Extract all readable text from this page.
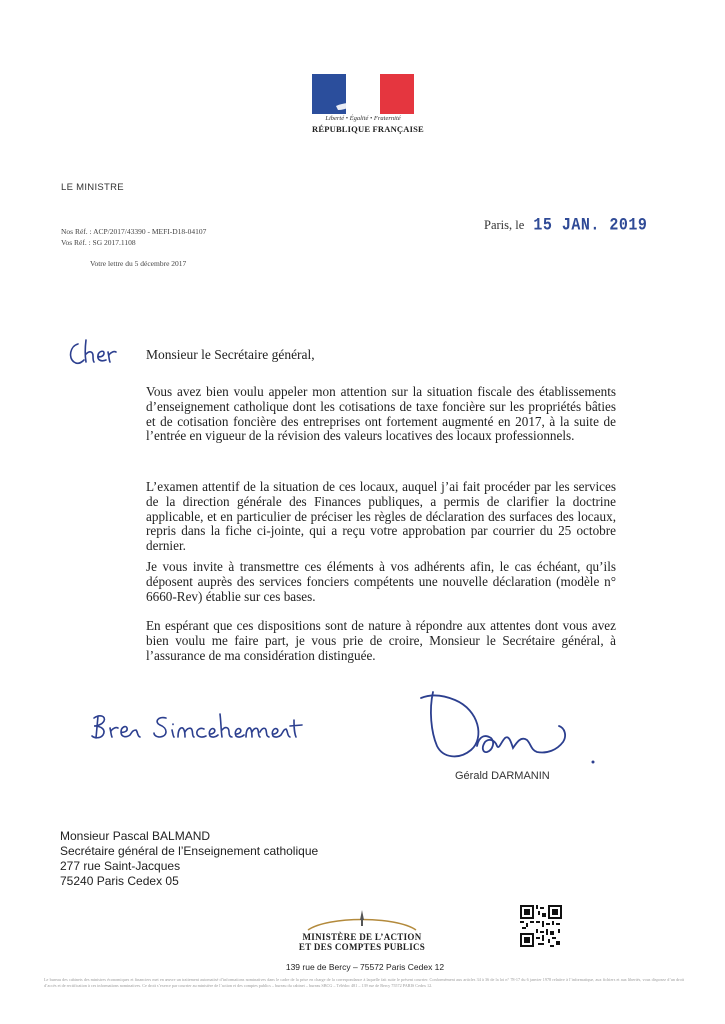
Liberté • Égalité • Fraternité
RÉPUBLIQUE FRANÇAISE
LE MINISTRE
Nos Réf. : ACP/2017/43390 - MEFI-D18-04107
Vos Réf. : SG 2017.1108
Votre lettre du 5 décembre 2017
Paris, le 15 JAN. 2019
Monsieur le Secrétaire général,

Vous avez bien voulu appeler mon attention sur la situation fiscale des établissements d’enseignement catholique dont les cotisations de taxe foncière sur les propriétés bâties et de cotisation foncière des entreprises ont fortement augmenté en 2017, à la suite de l’entrée en vigueur de la révision des valeurs locatives des locaux professionnels.

L’examen attentif de la situation de ces locaux, auquel j’ai fait procéder par les services de la direction générale des Finances publiques, a permis de clarifier la doctrine applicable, et en particulier de préciser les règles de déclaration des surfaces des locaux, repris dans la fiche ci-jointe, qui a reçu votre approbation par courrier du 25 octobre dernier.

Je vous invite à transmettre ces éléments à vos adhérents afin, le cas échéant, qu’ils déposent auprès des services fonciers compétents une nouvelle déclaration (modèle n° 6660-Rev) établie sur ces bases.

En espérant que ces dispositions sont de nature à répondre aux attentes dont vous avez bien voulu me faire part, je vous prie de croire, Monsieur le Secrétaire général, à l’assurance de ma considération distinguée.

Gérald DARMANIN
Monsieur Pascal BALMAND
Secrétaire général de l’Enseignement catholique
277 rue Saint-Jacques
75240 Paris Cedex 05
MINISTÈRE DE L’ACTION
ET DES COMPTES PUBLICS
139 rue de Bercy – 75572 Paris Cedex 12
Le bureau des cabinets des ministres économiques et financiers met en œuvre un traitement automatisé d’informations nominatives dans le cadre de la prise en charge de la correspondance à laquelle fait suite le présent courrier. Conformément aux articles 34 à 36 de la loi n° 78-17 du 6 janvier 1978 relative à l’informatique, aux fichiers et aux libertés, vous disposez d’un droit d’accès et de rectification à ces informations nominatives. Ce droit s’exerce par courrier au ministère de l’action et des comptes publics – bureau du cabinet – bureau SBCG – Télédoc 481 – 139 rue de Bercy 75572 PARIS Cedex 12.
